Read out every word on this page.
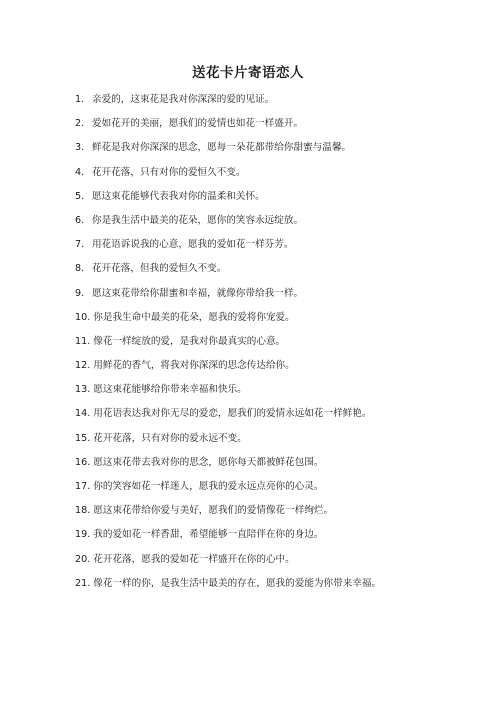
送花卡片寄语恋人
1. 亲爱的，这束花是我对你深深的爱的见证。
2. 爱如花开的美丽，愿我们的爱情也如花一样盛开。
3. 鲜花是我对你深深的思念，愿每一朵花都带给你甜蜜与温馨。
4. 花开花落，只有对你的爱恒久不变。
5. 愿这束花能够代表我对你的温柔和关怀。
6. 你是我生活中最美的花朵，愿你的笑容永远绽放。
7. 用花语诉说我的心意，愿我的爱如花一样芬芳。
8. 花开花落，但我的爱恒久不变。
9. 愿这束花带给你甜蜜和幸福，就像你带给我一样。
10. 你是我生命中最美的花朵，愿我的爱将你宠爱。
11. 像花一样绽放的爱，是我对你最真实的心意。
12. 用鲜花的香气，将我对你深深的思念传达给你。
13. 愿这束花能够给你带来幸福和快乐。
14. 用花语表达我对你无尽的爱恋，愿我们的爱情永远如花一样鲜艳。
15. 花开花落，只有对你的爱永远不变。
16. 愿这束花带去我对你的思念，愿你每天都被鲜花包围。
17. 你的笑容如花一样迷人，愿我的爱永远点亮你的心灵。
18. 愿这束花带给你爱与美好，愿我们的爱情像花一样绚烂。
19. 我的爱如花一样香甜，希望能够一直陪伴在你的身边。
20. 花开花落，愿我的爱如花一样盛开在你的心中。
21. 像花一样的你，是我生活中最美的存在，愿我的爱能为你带来幸福。
